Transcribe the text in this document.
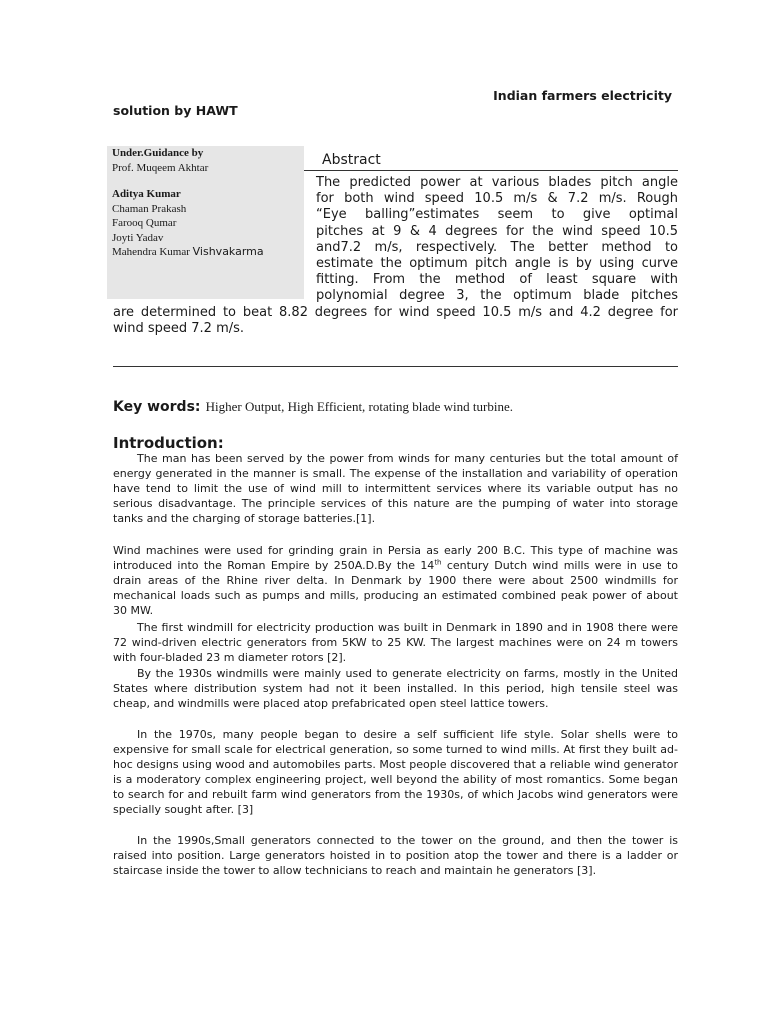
Indian farmers electricity
solution by HAWT
Under.Guidance by
Prof. Muqeem Akhtar
Aditya Kumar
Chaman Prakash
Farooq Qumar
Joyti Yadav
Mahendra Kumar Vishvakarma
Abstract
The predicted power at various blades pitch angle
for both wind speed 10.5 m/s & 7.2 m/s. Rough
“Eye balling”estimates seem to give optimal
pitches at 9 & 4 degrees for the wind speed 10.5
and7.2 m/s, respectively. The better method to
estimate the optimum pitch angle is by using curve
fitting. From the method of least square with
polynomial degree 3, the optimum blade pitches
are determined to beat 8.82 degrees for wind speed 10.5 m/s and 4.2 degree for
wind speed 7.2 m/s.
Key words: Higher Output, High Efficient, rotating blade wind turbine.
Introduction:
The man has been served by the power from winds for many centuries but the total amount of energy generated in the manner is small. The expense of the installation and variability of operation have tend to limit the use of wind mill to intermittent services where its variable output has no serious disadvantage. The principle services of this nature are the pumping of water into storage tanks and the charging of storage batteries.[1].
Wind machines were used for grinding grain in Persia as early 200 B.C. This type of machine was introduced into the Roman Empire by 250A.D.By the 14th century Dutch wind mills were in use to drain areas of the Rhine river delta. In Denmark by 1900 there were about 2500 windmills for mechanical loads such as pumps and mills, producing an estimated combined peak power of about 30 MW.
The first windmill for electricity production was built in Denmark in 1890 and in 1908 there were 72 wind-driven electric generators from 5KW to 25 KW. The largest machines were on 24 m towers with four-bladed 23 m diameter rotors [2].
By the 1930s windmills were mainly used to generate electricity on farms, mostly in the United States where distribution system had not it been installed. In this period, high tensile steel was cheap, and windmills were placed atop prefabricated open steel lattice towers.
In the 1970s, many people began to desire a self sufficient life style. Solar shells were to expensive for small scale for electrical generation, so some turned to wind mills. At first they built ad-hoc designs using wood and automobiles parts. Most people discovered that a reliable wind generator is a moderatory complex engineering project, well beyond the ability of most romantics. Some began to search for and rebuilt farm wind generators from the 1930s, of which Jacobs wind generators were specially sought after. [3]
In the 1990s,Small generators connected to the tower on the ground, and then the tower is raised into position. Large generators hoisted in to position atop the tower and there is a ladder or staircase inside the tower to allow technicians to reach and maintain he generators [3].
